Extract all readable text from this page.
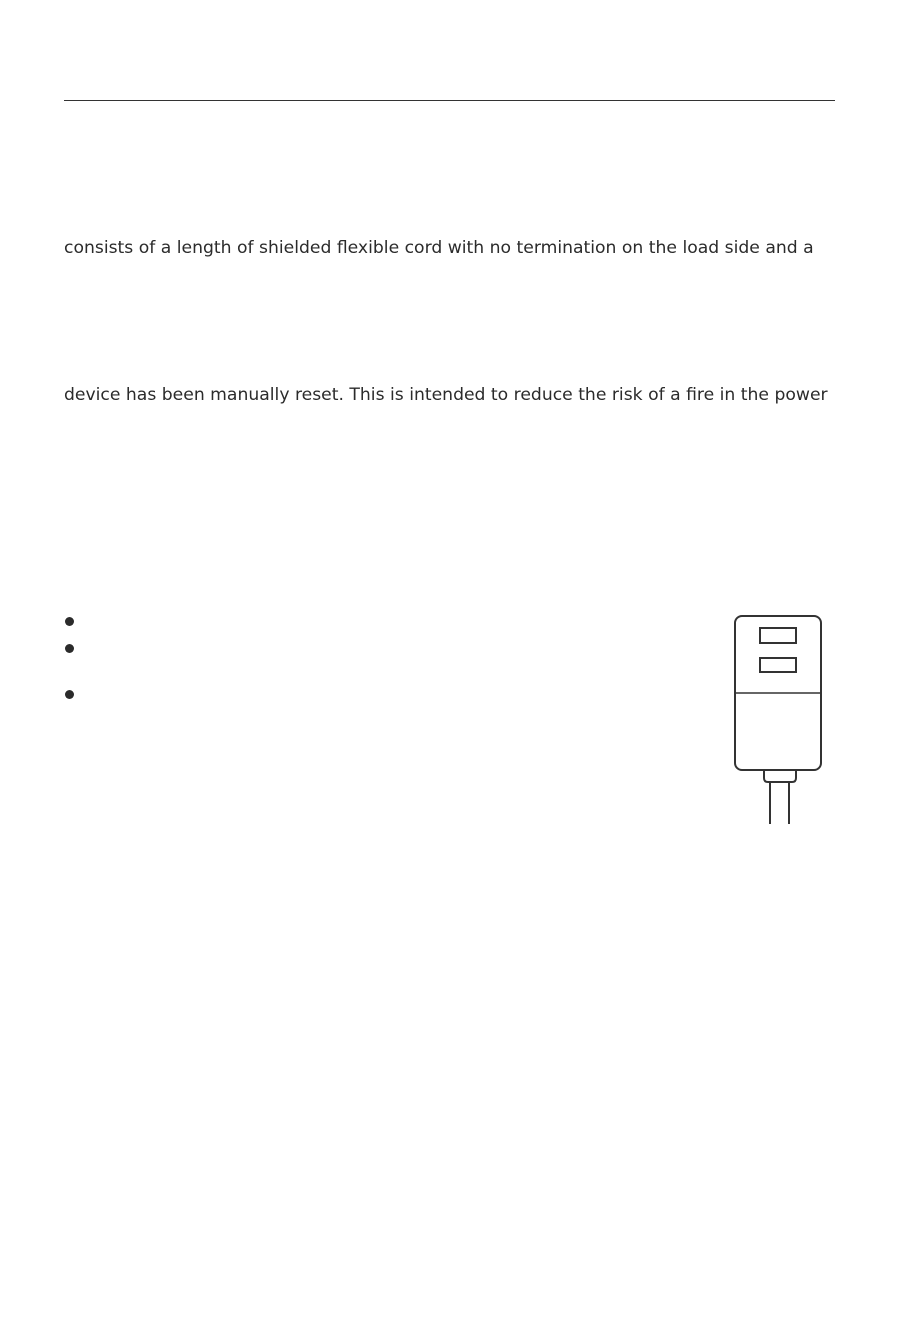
consists of a length of shielded flexible cord with no termination on the load side and a
device has been manually reset. This is intended to reduce the risk of a fire in the power
